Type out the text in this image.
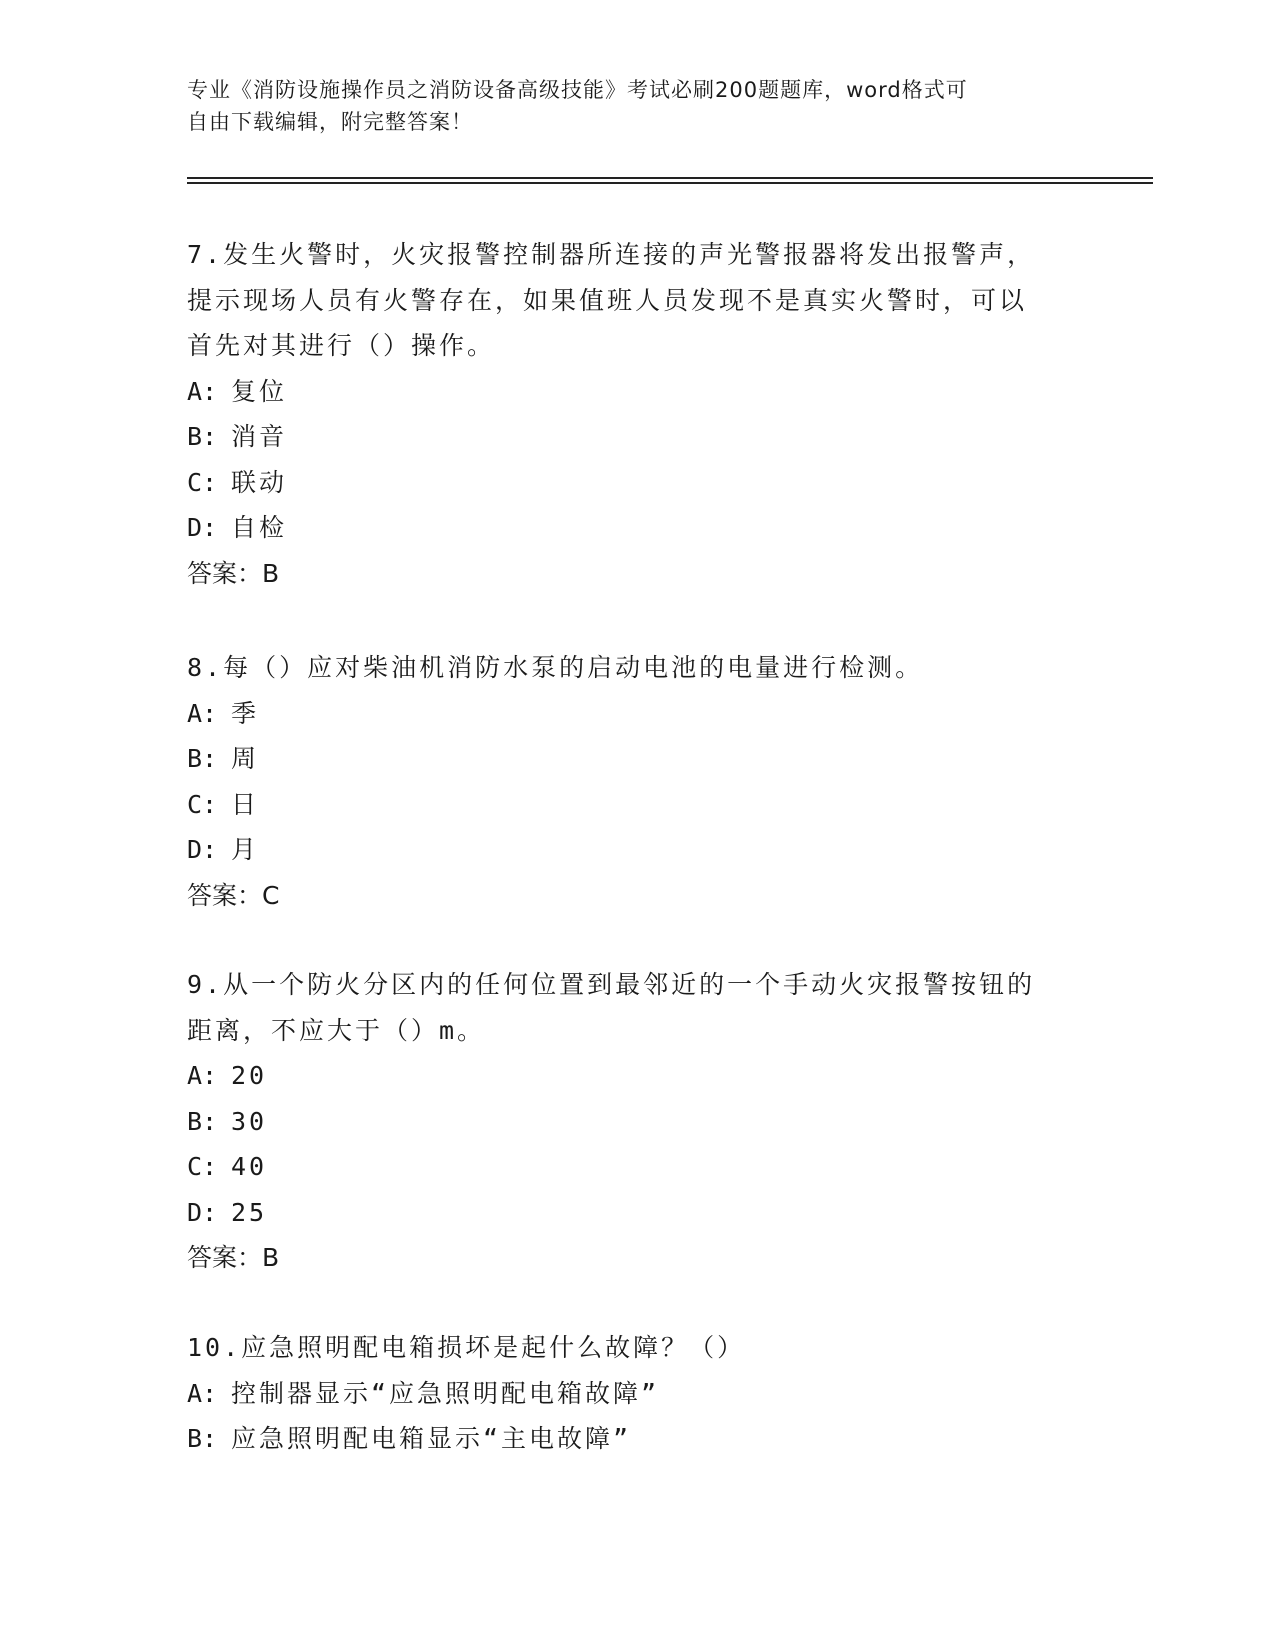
专业《消防设施操作员之消防设备高级技能》考试必刷200题题库，word格式可
自由下载编辑，附完整答案！
7.发生火警时，火灾报警控制器所连接的声光警报器将发出报警声，
提示现场人员有火警存在，如果值班人员发现不是真实火警时，可以
首先对其进行（）操作。
A: 复位
B: 消音
C: 联动
D: 自检
答案：B
8.每（）应对柴油机消防水泵的启动电池的电量进行检测。
A: 季
B: 周
C: 日
D: 月
答案：C
9.从一个防火分区内的任何位置到最邻近的一个手动火灾报警按钮的
距离，不应大于（）m。
A: 20
B: 30
C: 40
D: 25
答案：B
10.应急照明配电箱损坏是起什么故障？（）
A: 控制器显示“应急照明配电箱故障”
B: 应急照明配电箱显示“主电故障”
